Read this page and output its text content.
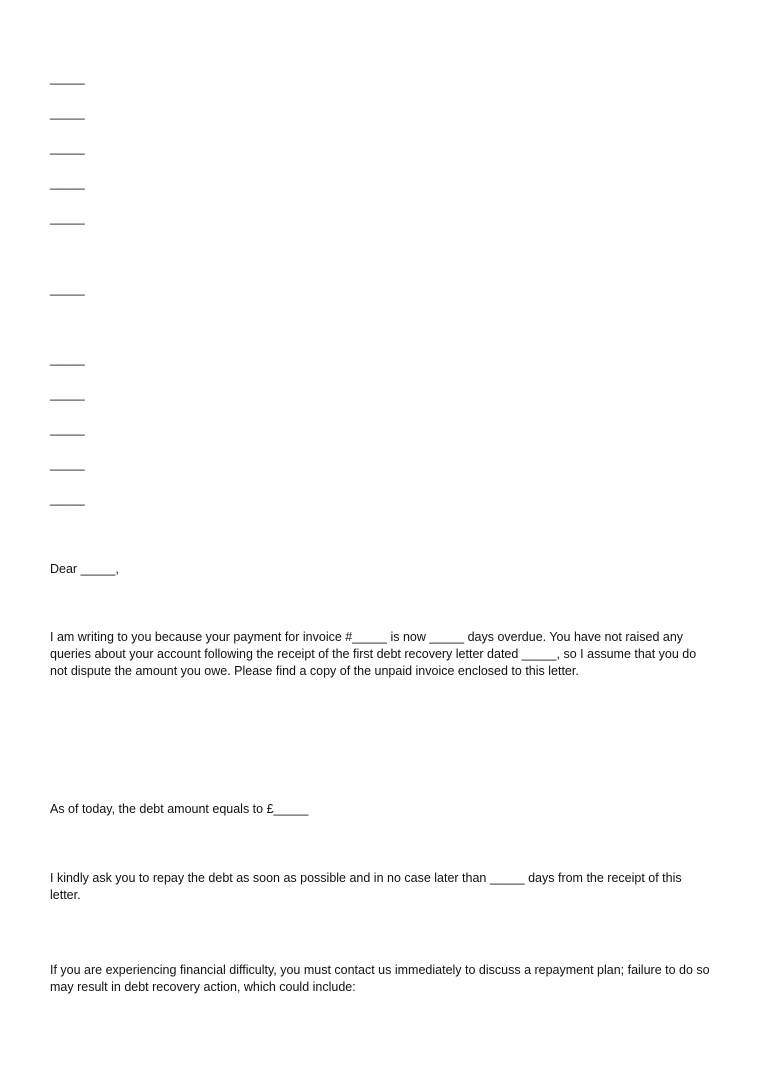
_____

_____

_____

_____

_____

_____

_____

_____

_____

_____

_____

Dear _____,

I am writing to you because your payment for invoice #_____ is now _____ days overdue. You have not raised any queries about your account following the receipt of the first debt recovery letter dated _____, so I assume that you do not dispute the amount you owe. Please find a copy of the unpaid invoice enclosed to this letter.

As of today, the debt amount equals to £_____

I kindly ask you to repay the debt as soon as possible and in no case later than _____ days from the receipt of this letter.

If you are experiencing financial difficulty, you must contact us immediately to discuss a repayment plan; failure to do so may result in debt recovery action, which could include:
